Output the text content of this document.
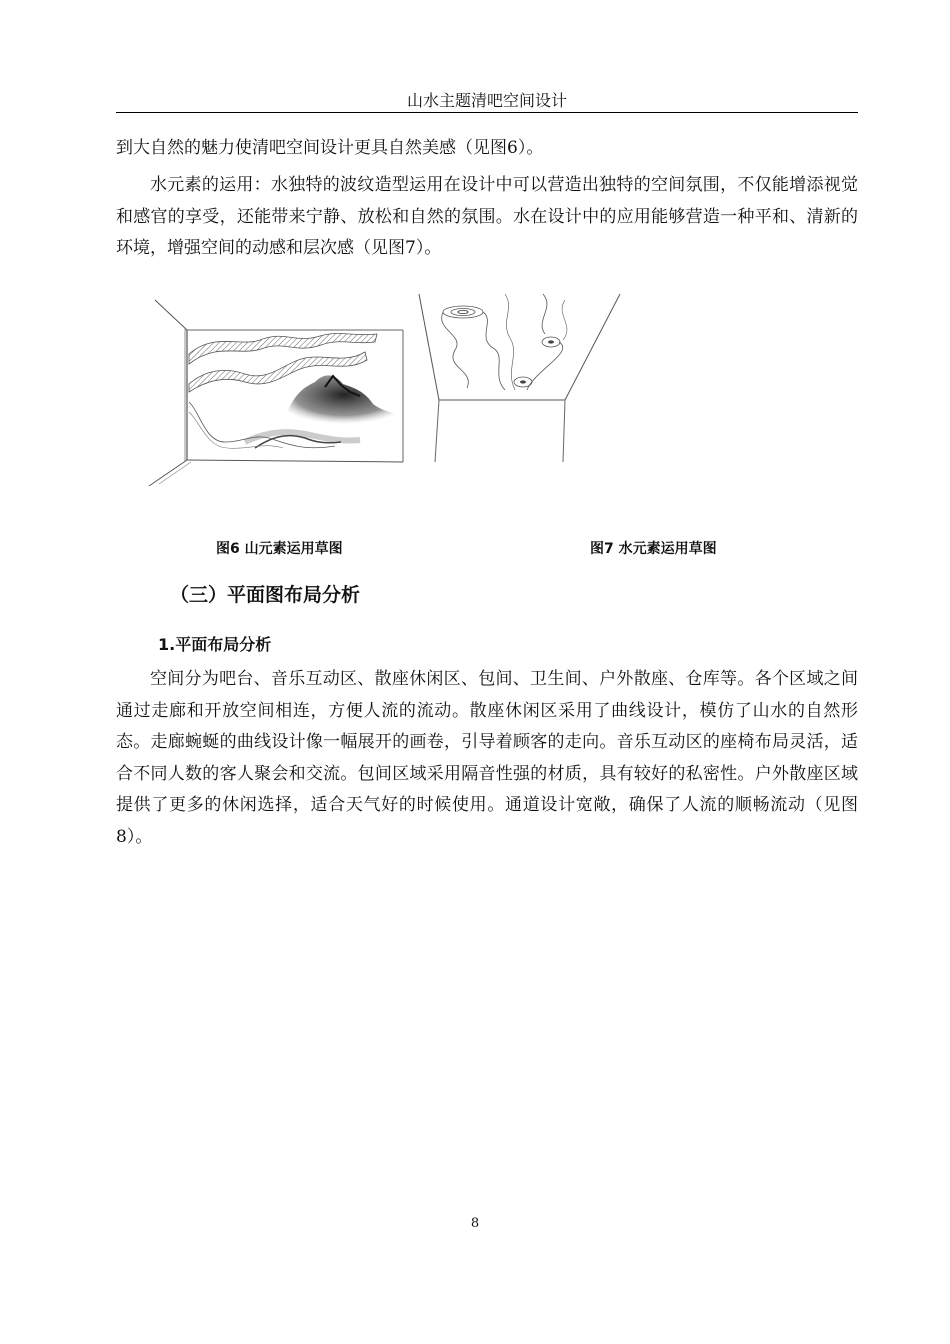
山水主题清吧空间设计

到大自然的魅力使清吧空间设计更具自然美感（见图6）。

水元素的运用：水独特的波纹造型运用在设计中可以营造出独特的空间氛围，不仅能增添视觉和感官的享受，还能带来宁静、放松和自然的氛围。水在设计中的应用能够营造一种平和、清新的环境，增强空间的动感和层次感（见图7）。

图6 山元素运用草图	图7 水元素运用草图
（三）平面图布局分析
1.平面布局分析

空间分为吧台、音乐互动区、散座休闲区、包间、卫生间、户外散座、仓库等。各个区域之间通过走廊和开放空间相连，方便人流的流动。散座休闲区采用了曲线设计，模仿了山水的自然形态。走廊蜿蜒的曲线设计像一幅展开的画卷，引导着顾客的走向。音乐互动区的座椅布局灵活，适合不同人数的客人聚会和交流。包间区域采用隔音性强的材质，具有较好的私密性。户外散座区域提供了更多的休闲选择，适合天气好的时候使用。通道设计宽敞，确保了人流的顺畅流动（见图8）。

8
